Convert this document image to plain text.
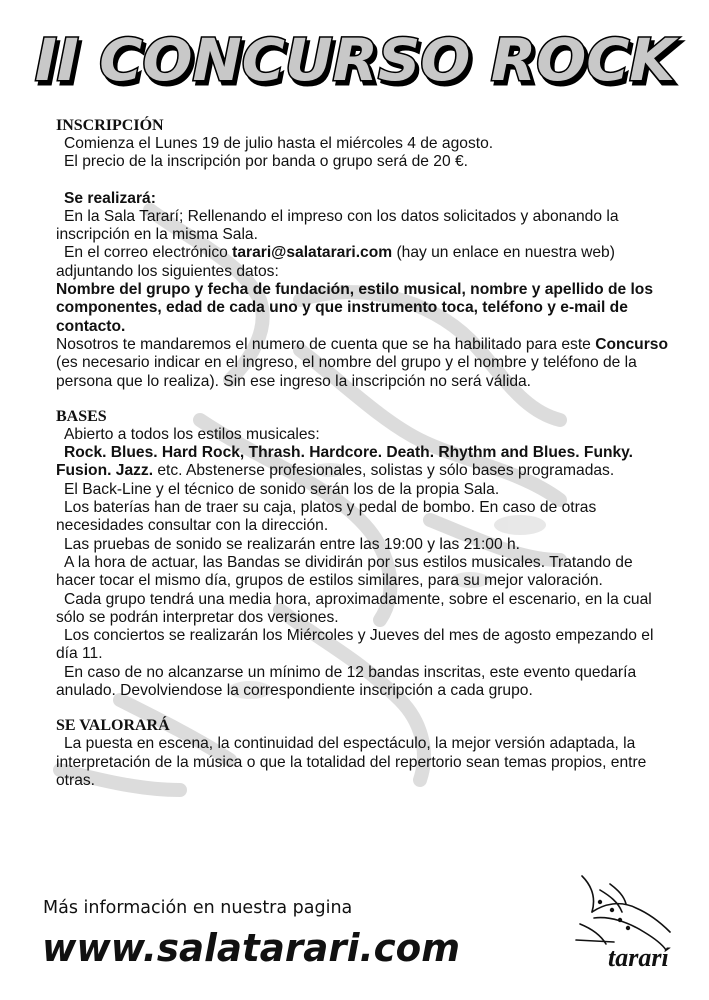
II CONCURSO ROCK
INSCRIPCIÓN
Comienza el Lunes 19 de julio hasta el miércoles 4 de agosto.
El precio de la inscripción por banda o grupo será de 20 €.
Se realizará:
En la Sala Tararí; Rellenando el impreso con los datos solicitados y abonando la inscripción en la misma Sala.
En el correo electrónico tarari@salatarari.com (hay un enlace en nuestra web) adjuntando los siguientes datos:
Nombre del grupo y fecha de fundación, estilo musical, nombre y apellido de los componentes, edad de cada uno y que instrumento toca, teléfono y e-mail de contacto.
Nosotros te mandaremos el numero de cuenta que se ha habilitado para este Concurso (es necesario indicar en el ingreso, el nombre del grupo y el nombre y teléfono de la persona que lo realiza). Sin ese ingreso la inscripción no será válida.
BASES
Abierto a todos los estilos musicales:
Rock. Blues. Hard Rock, Thrash. Hardcore. Death. Rhythm and Blues. Funky. Fusion. Jazz. etc. Abstenerse profesionales, solistas y sólo bases programadas.
El Back-Line y el técnico de sonido serán los de la propia Sala.
Los baterías han de traer su caja, platos y pedal de bombo. En caso de otras necesidades consultar con la dirección.
Las pruebas de sonido se realizarán entre las 19:00 y las 21:00 h.
A la hora de actuar, las Bandas se dividirán por sus estilos musicales. Tratando de hacer tocar el mismo día, grupos de estilos similares, para su mejor valoración.
Cada grupo tendrá una media hora, aproximadamente, sobre el escenario, en la cual sólo se podrán interpretar dos versiones.
Los conciertos se realizarán los Miércoles y Jueves del mes de agosto empezando el día 11.
En caso de no alcanzarse un mínimo de 12 bandas inscritas, este evento quedaría anulado. Devolviendose la correspondiente inscripción a cada grupo.
SE VALORARÁ
La puesta en escena, la continuidad del espectáculo, la mejor versión adaptada, la interpretación de la música o que la totalidad del repertorio sean temas propios, entre otras.
Más información en nuestra pagina
www.salatarari.com	tararí
